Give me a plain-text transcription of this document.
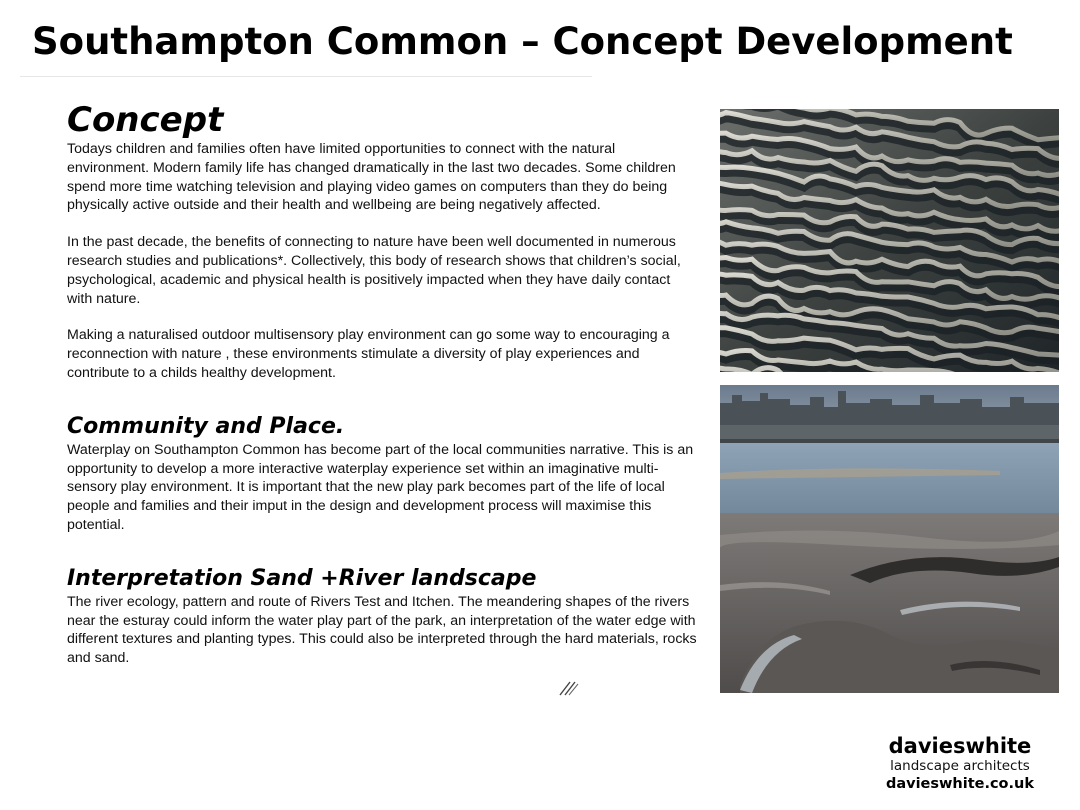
Southampton Common – Concept Development
Concept

Todays children and families often have limited opportunities to connect with the natural environment. Modern family life has changed dramatically in the last two decades. Some children spend more time watching television and playing video games on computers than they do being physically active outside and their health and wellbeing are being negatively affected.

In the past decade, the benefits of connecting to nature have been well documented in numerous research studies and publications*. Collectively, this body of research shows that children’s social, psychological, academic and physical health is positively impacted when they have daily contact with nature.

Making a naturalised outdoor multisensory play environment can go some way to encouraging a reconnection with nature , these environments stimulate a diversity of play experiences and contribute to a childs healthy development.

Community and Place.

Waterplay on Southampton Common has become part of the local communities narrative. This is an opportunity to develop a more interactive waterplay experience set within an imaginative multi-sensory play environment. It is important that the new play park becomes part of the life of local people and families and their imput in the design and development process will maximise this potential.

Interpretation Sand +River landscape

The river ecology, pattern and route of Rivers Test and Itchen. The meandering shapes of the rivers near the esturay could inform the water play part of the park, an interpretation of the water edge with different textures and planting types. This could also be interpreted through the hard materials, rocks and sand.

davieswhite
landscape architects
davieswhite.co.uk
